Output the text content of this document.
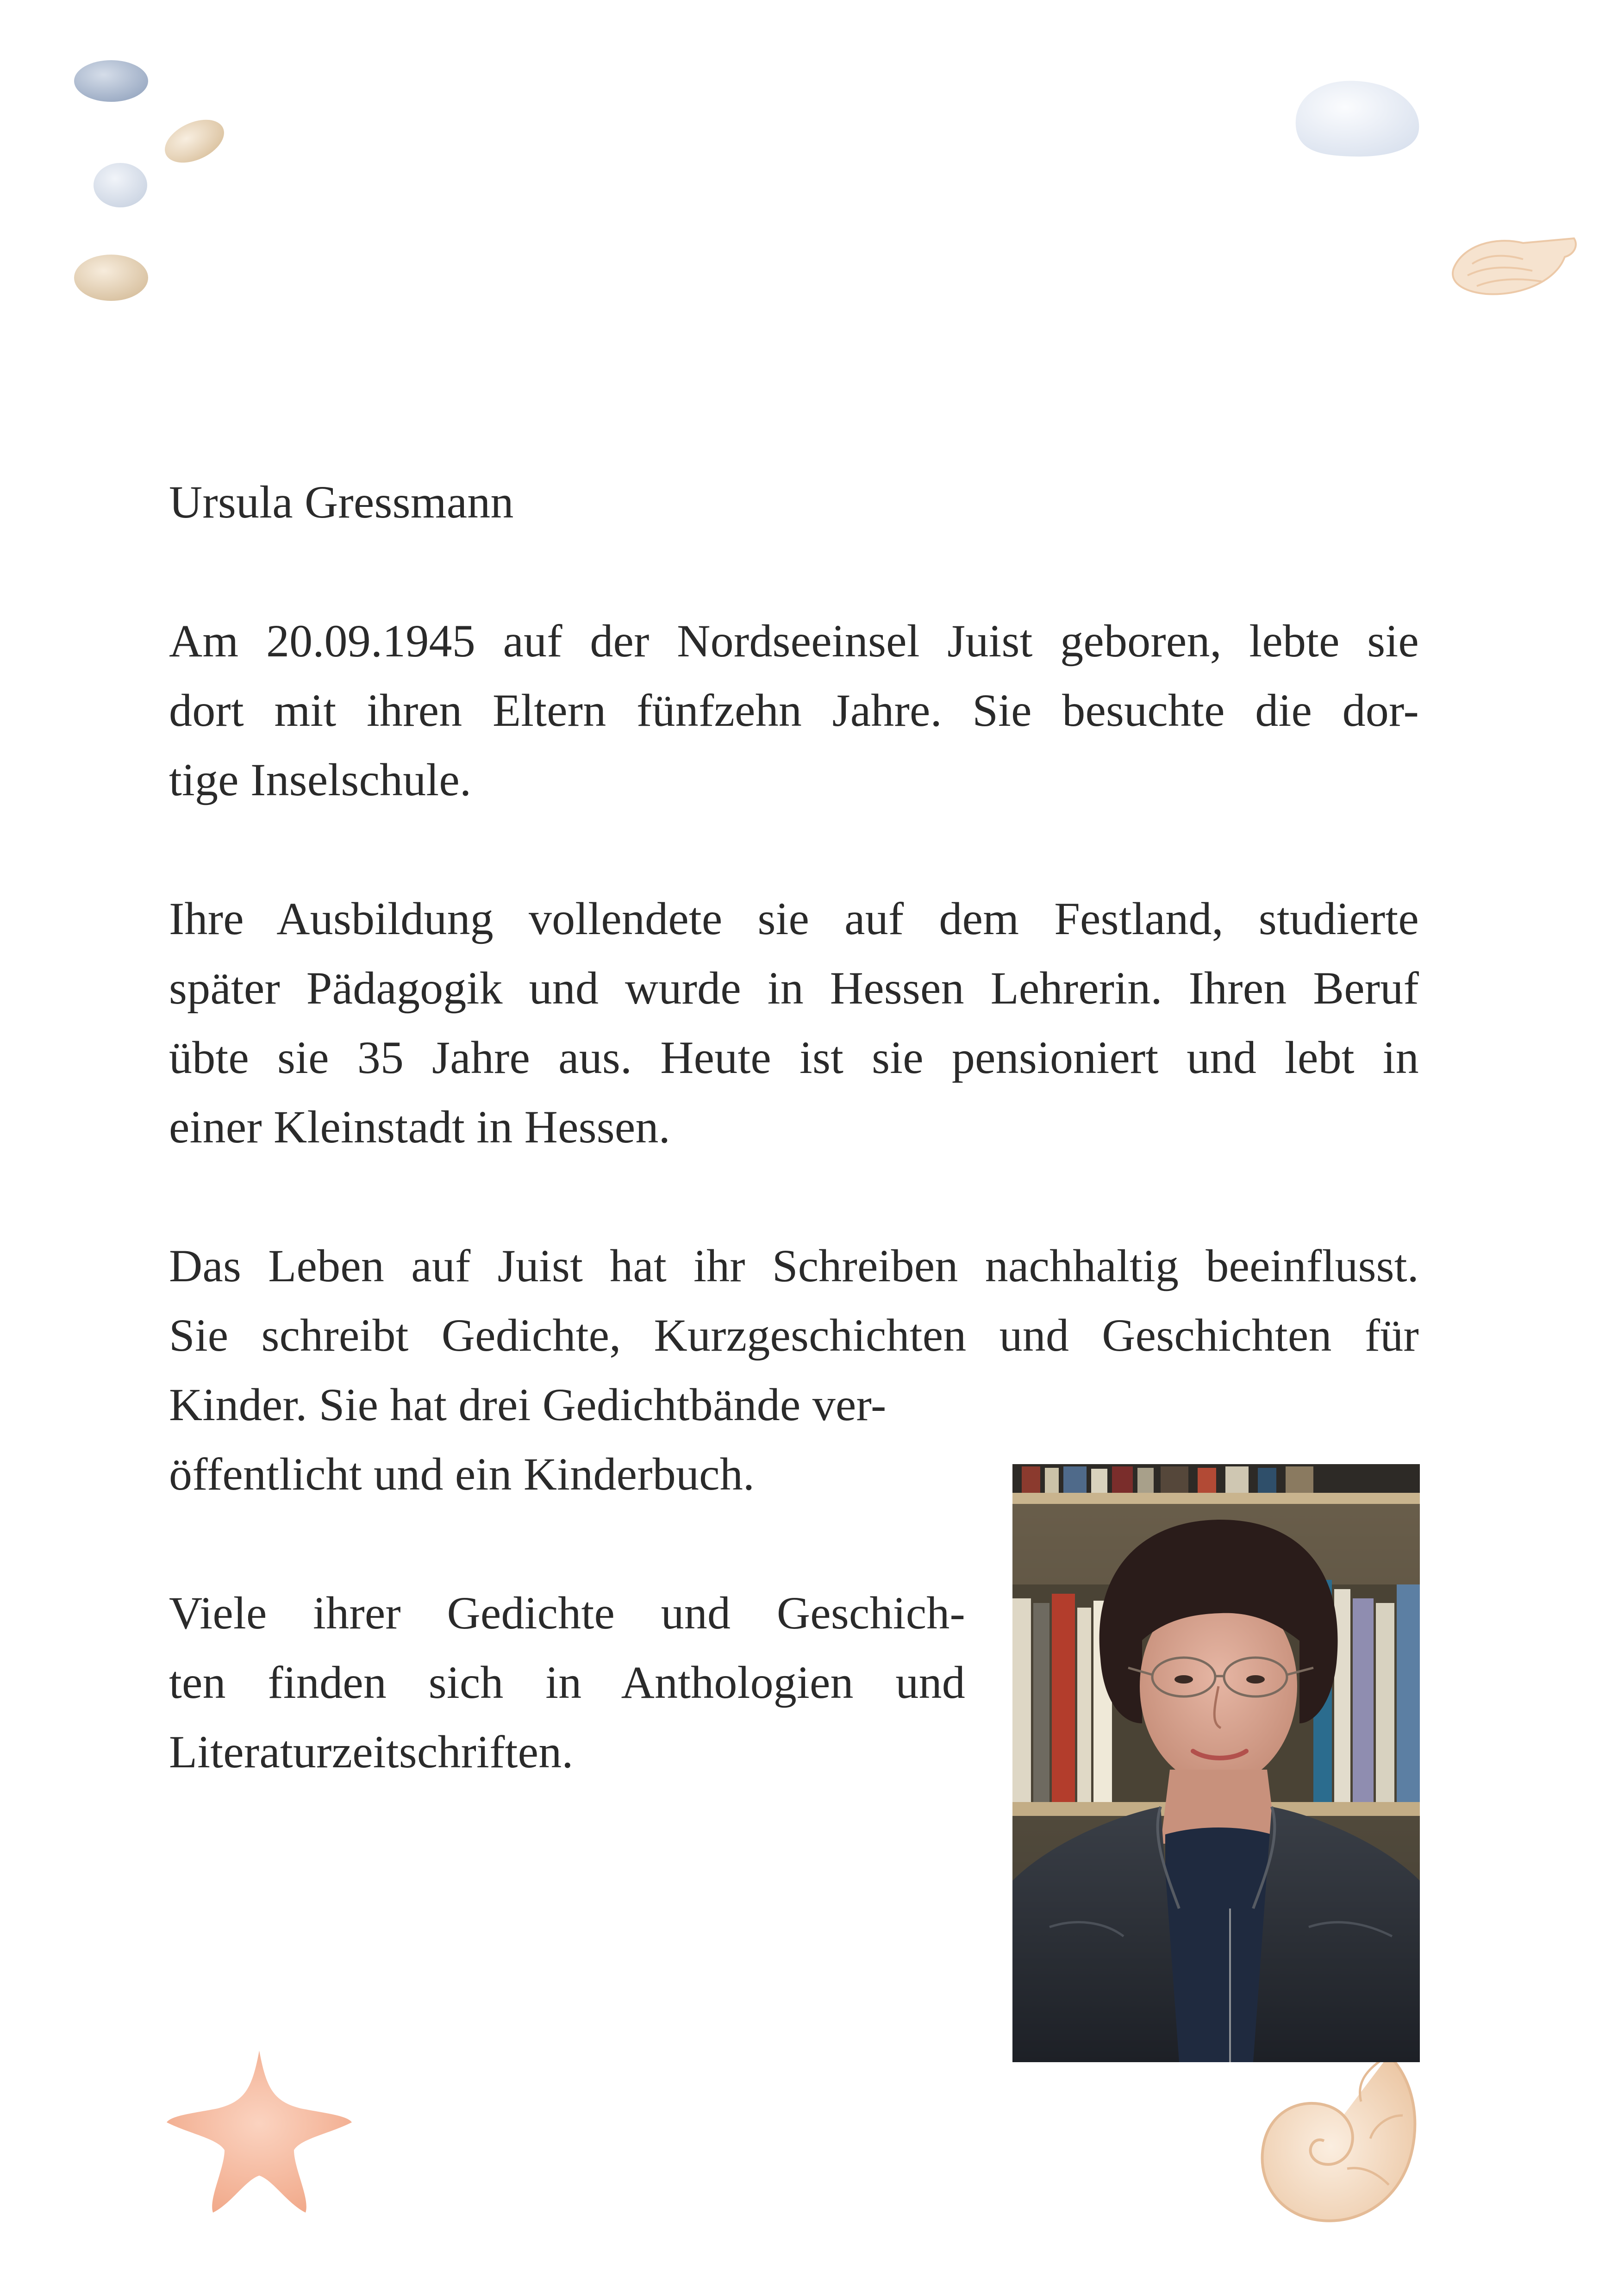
Ursula Gressmann
Am 20.09.1945 auf der Nordseeinsel Juist geboren, lebte sie
dort mit ihren Eltern fünfzehn Jahre. Sie besuchte die dor-
tige Inselschule.
Ihre Ausbildung vollendete sie auf dem Festland, studierte
später Pädagogik und wurde in Hessen Lehrerin. Ihren Beruf
übte sie 35 Jahre aus. Heute ist sie pensioniert und lebt in
einer Kleinstadt in Hessen.
Das Leben auf Juist hat ihr Schreiben nachhaltig beeinflusst.
Sie schreibt Gedichte, Kurzgeschichten und Geschichten für
Kinder. Sie hat drei Gedichtbände ver-
öffentlicht und ein Kinderbuch.
Viele ihrer Gedichte und Geschich-
ten finden sich in Anthologien und
Literaturzeitschriften.
